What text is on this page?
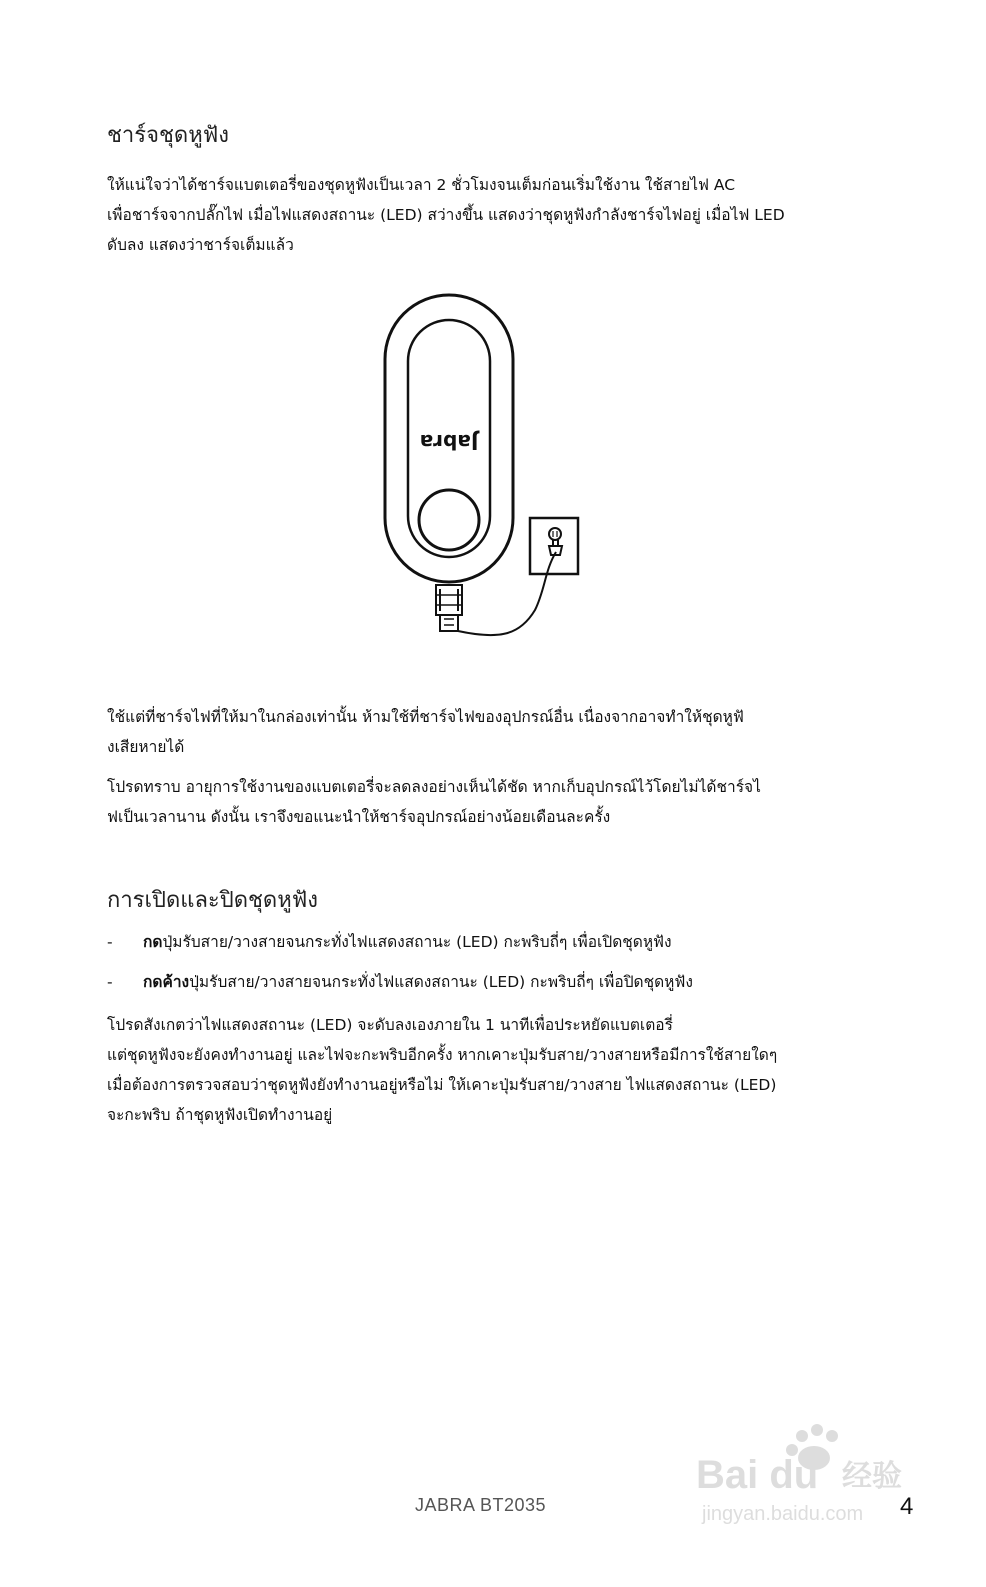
ชาร์จชุดหูฟัง

ให้แน่ใจว่าได้ชาร์จแบตเตอรี่ของชุดหูฟังเป็นเวลา 2 ชั่วโมงจนเต็มก่อนเริ่มใช้งาน ใช้สายไฟ AC
เพื่อชาร์จจากปลั๊กไฟ เมื่อไฟแสดงสถานะ (LED) สว่างขึ้น แสดงว่าชุดหูฟังกำลังชาร์จไฟอยู่ เมื่อไฟ LED
ดับลง แสดงว่าชาร์จเต็มแล้ว

Jabra

ใช้แต่ที่ชาร์จไฟที่ให้มาในกล่องเท่านั้น ห้ามใช้ที่ชาร์จไฟของอุปกรณ์อื่น เนื่องจากอาจทำให้ชุดหูฟั
งเสียหายได้

โปรดทราบ อายุการใช้งานของแบตเตอรี่จะลดลงอย่างเห็นได้ชัด หากเก็บอุปกรณ์ไว้โดยไม่ได้ชาร์จไ
ฟเป็นเวลานาน ดังนั้น เราจึงขอแนะนำให้ชาร์จอุปกรณ์อย่างน้อยเดือนละครั้ง

การเปิดและปิดชุดหูฟัง

- กดปุ่มรับสาย/วางสายจนกระทั่งไฟแสดงสถานะ (LED) กะพริบถี่ๆ เพื่อเปิดชุดหูฟัง

- กดค้างปุ่มรับสาย/วางสายจนกระทั่งไฟแสดงสถานะ (LED) กะพริบถี่ๆ เพื่อปิดชุดหูฟัง

โปรดสังเกตว่าไฟแสดงสถานะ (LED) จะดับลงเองภายใน 1 นาทีเพื่อประหยัดแบตเตอรี่
แต่ชุดหูฟังจะยังคงทำงานอยู่ และไฟจะกะพริบอีกครั้ง หากเคาะปุ่มรับสาย/วางสายหรือมีการใช้สายใดๆ
เมื่อต้องการตรวจสอบว่าชุดหูฟังยังทำงานอยู่หรือไม่ ให้เคาะปุ่มรับสาย/วางสาย ไฟแสดงสถานะ (LED)
จะกะพริบ ถ้าชุดหูฟังเปิดทำงานอยู่

JABRA BT2035	4
Bai du 经验
jingyan.baidu.com
